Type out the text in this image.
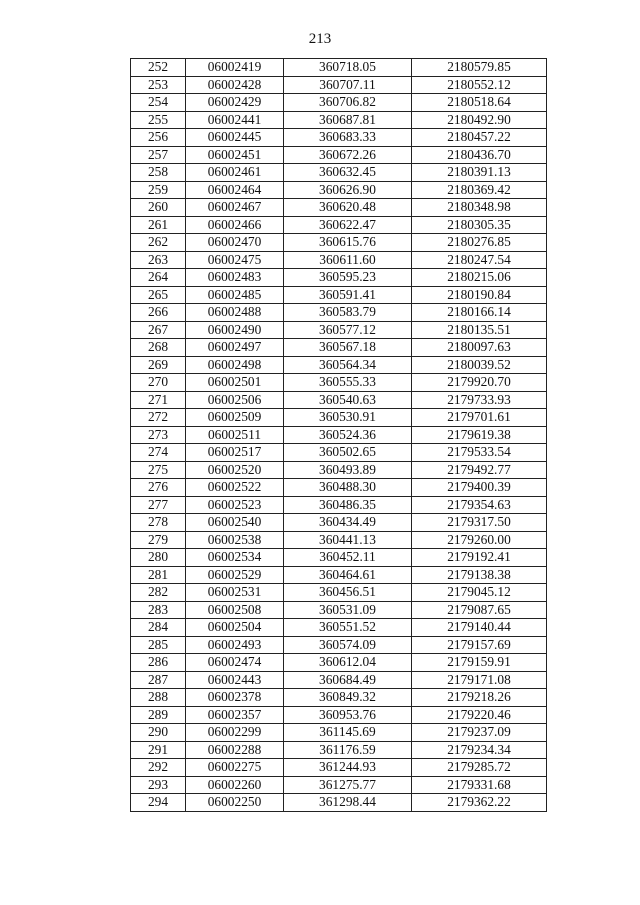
213
252	06002419	360718.05	2180579.85
253	06002428	360707.11	2180552.12
254	06002429	360706.82	2180518.64
255	06002441	360687.81	2180492.90
256	06002445	360683.33	2180457.22
257	06002451	360672.26	2180436.70
258	06002461	360632.45	2180391.13
259	06002464	360626.90	2180369.42
260	06002467	360620.48	2180348.98
261	06002466	360622.47	2180305.35
262	06002470	360615.76	2180276.85
263	06002475	360611.60	2180247.54
264	06002483	360595.23	2180215.06
265	06002485	360591.41	2180190.84
266	06002488	360583.79	2180166.14
267	06002490	360577.12	2180135.51
268	06002497	360567.18	2180097.63
269	06002498	360564.34	2180039.52
270	06002501	360555.33	2179920.70
271	06002506	360540.63	2179733.93
272	06002509	360530.91	2179701.61
273	06002511	360524.36	2179619.38
274	06002517	360502.65	2179533.54
275	06002520	360493.89	2179492.77
276	06002522	360488.30	2179400.39
277	06002523	360486.35	2179354.63
278	06002540	360434.49	2179317.50
279	06002538	360441.13	2179260.00
280	06002534	360452.11	2179192.41
281	06002529	360464.61	2179138.38
282	06002531	360456.51	2179045.12
283	06002508	360531.09	2179087.65
284	06002504	360551.52	2179140.44
285	06002493	360574.09	2179157.69
286	06002474	360612.04	2179159.91
287	06002443	360684.49	2179171.08
288	06002378	360849.32	2179218.26
289	06002357	360953.76	2179220.46
290	06002299	361145.69	2179237.09
291	06002288	361176.59	2179234.34
292	06002275	361244.93	2179285.72
293	06002260	361275.77	2179331.68
294	06002250	361298.44	2179362.22
